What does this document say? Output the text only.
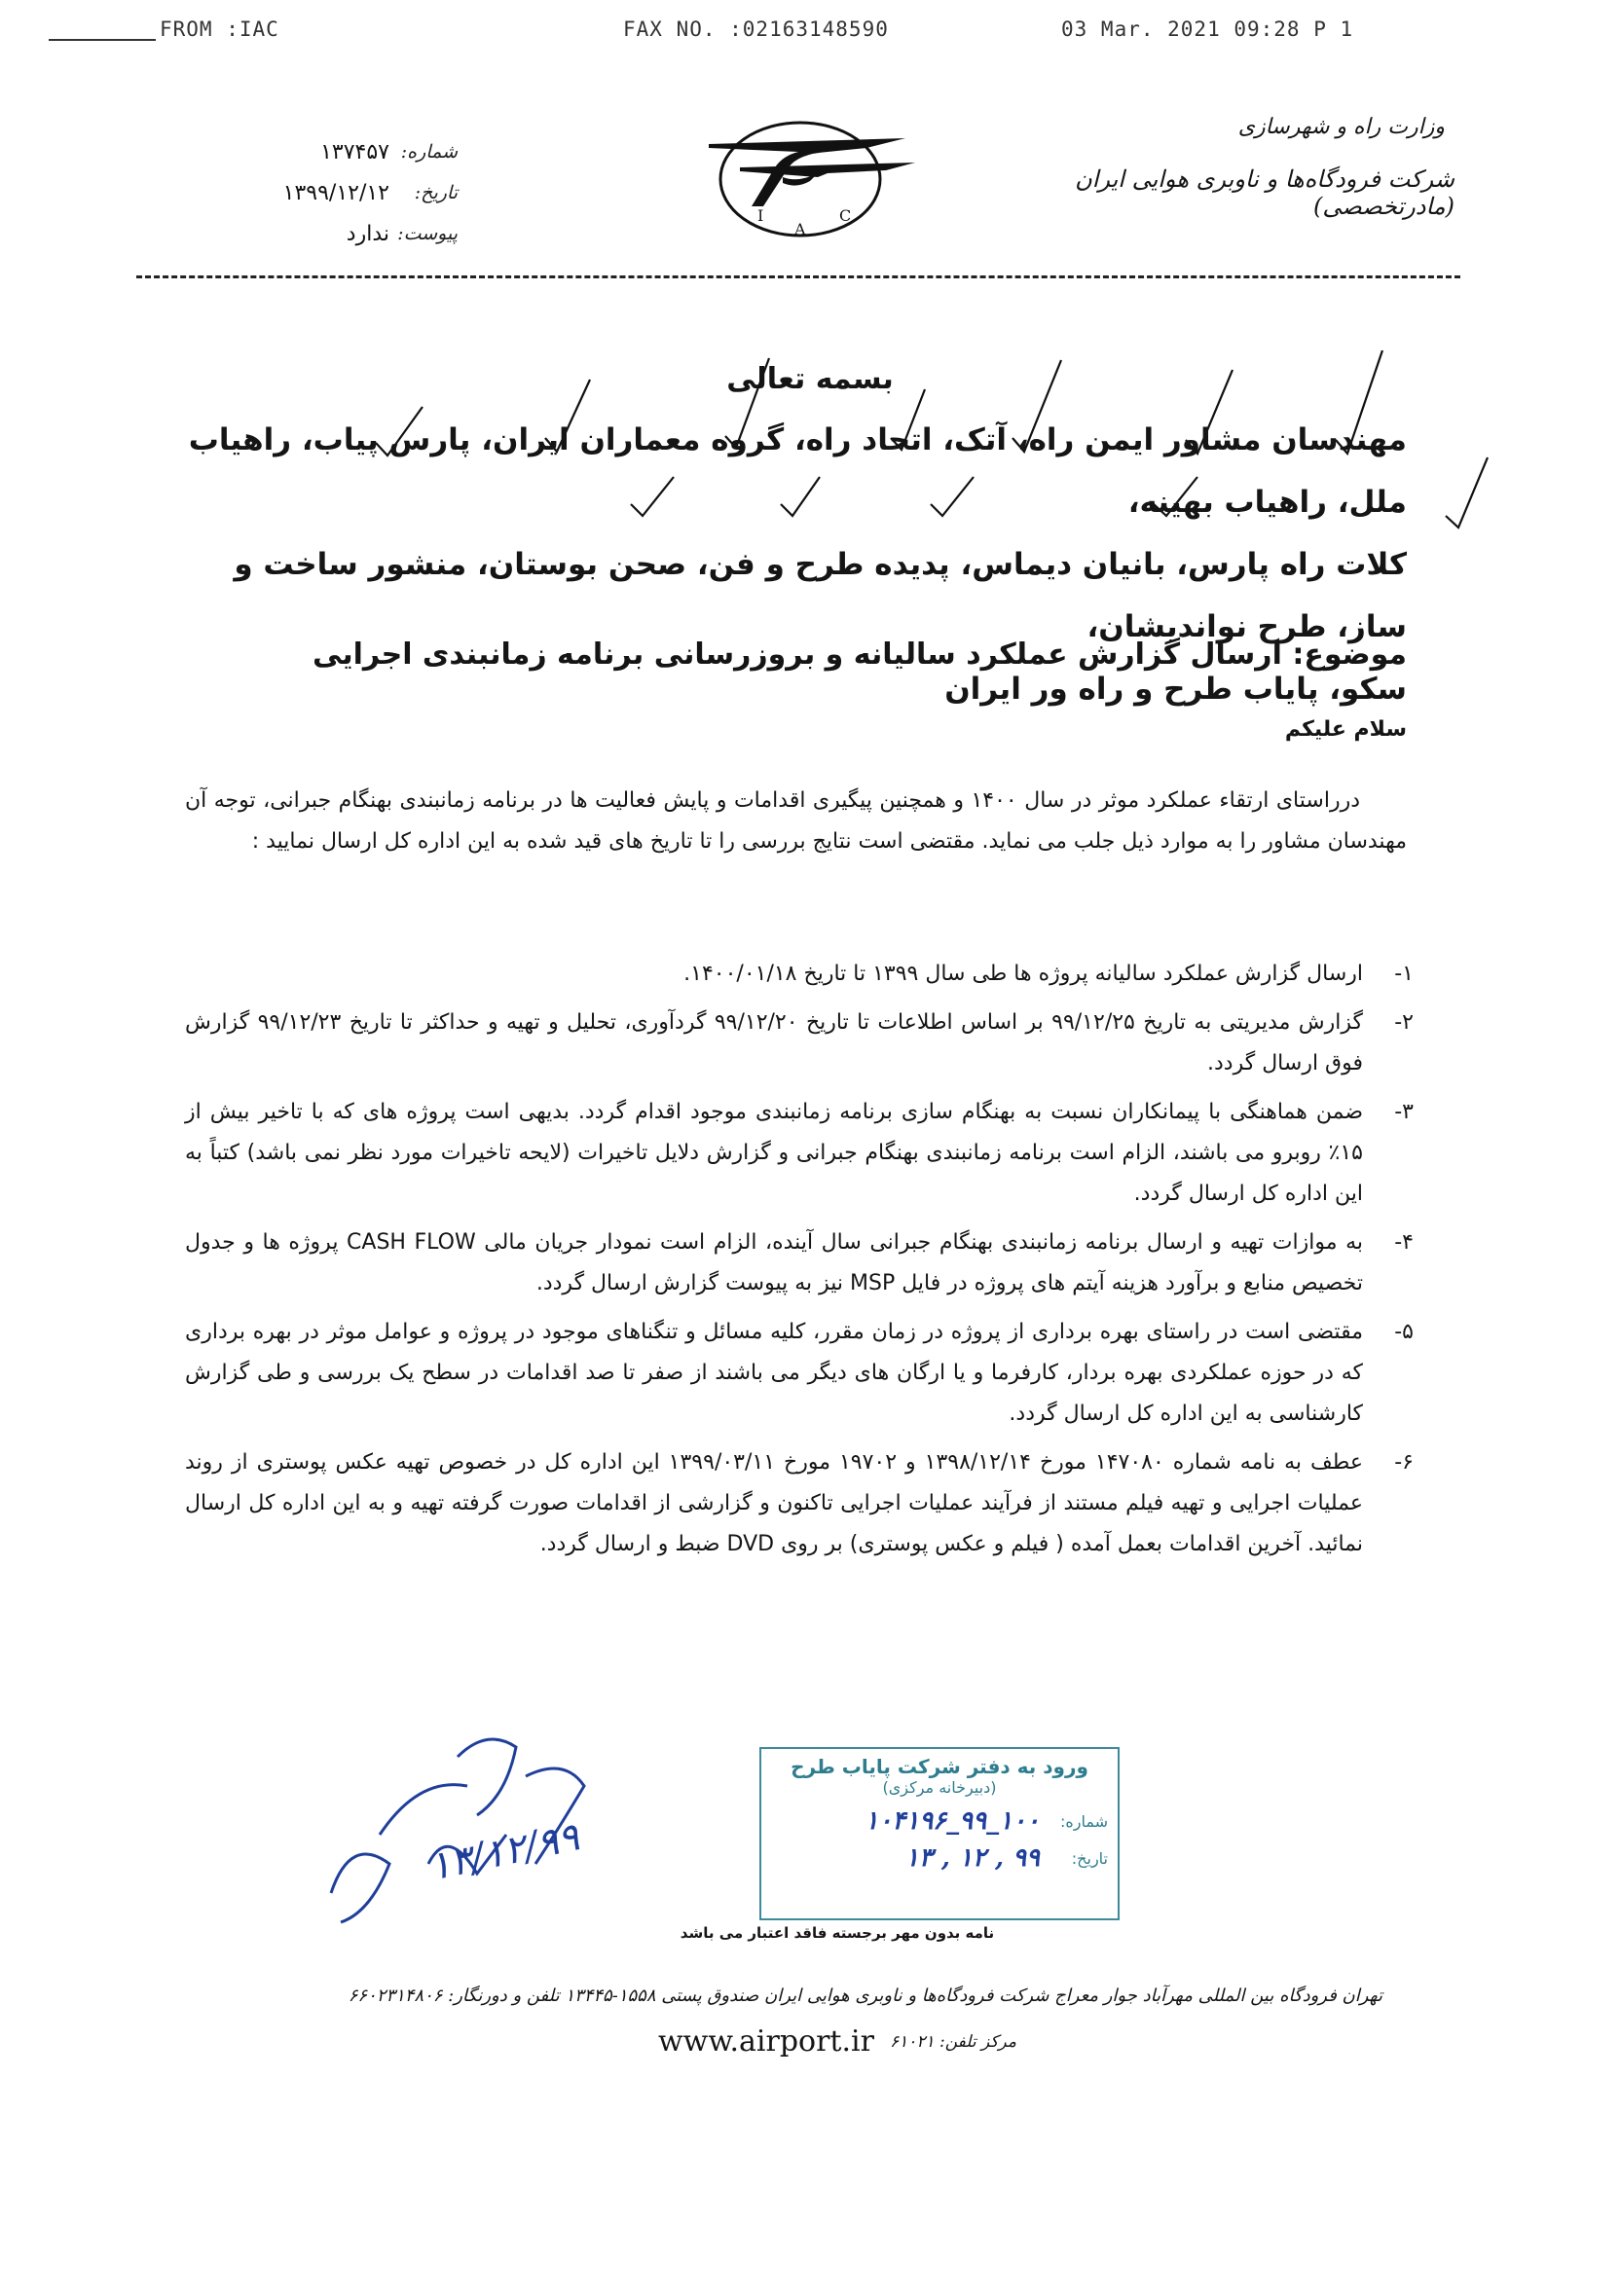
FROM :IAC	FAX NO. :02163148590	03 Mar. 2021 09:28 P 1
وزارت راه و شهرسازی
شرکت فرودگاه‌ها و ناوبری هوایی ایران (مادرتخصصی)
I
A
C
شماره:
۱۳۷۴۵۷
تاریخ:
۱۳۹۹/۱۲/۱۲
پیوست:
ندارد
بسمه تعالی
مهندسان مشاور ایمن راه، آتک، اتحاد راه، گروه معماران ایران، پارس پیاب، راهیاب ملل، راهیاب بهینه،
کلات راه پارس، بانیان دیماس، پدیده طرح و فن، صحن بوستان، منشور ساخت و ساز، طرح نواندیشان،
سکو، پایاب طرح و راه ور ایران
موضوع: ارسال گزارش عملکرد سالیانه و بروزرسانی برنامه زمانبندی اجرایی
سلام علیکم
درراستای ارتقاء عملکرد موثر در سال ۱۴۰۰ و همچنین پیگیری اقدامات و پایش فعالیت ها در برنامه زمانبندی بهنگام جبرانی، توجه آن مهندسان مشاور را به موارد ذیل جلب می نماید. مقتضی است نتایج بررسی را تا تاریخ های قید شده به این اداره کل ارسال نمایید :
۱-
ارسال گزارش عملکرد سالیانه پروژه ها طی سال ۱۳۹۹ تا تاریخ ۱۴۰۰/۰۱/۱۸.
۲-
گزارش مدیریتی به تاریخ ۹۹/۱۲/۲۵ بر اساس اطلاعات تا تاریخ ۹۹/۱۲/۲۰ گردآوری، تحلیل و تهیه و حداکثر تا تاریخ ۹۹/۱۲/۲۳ گزارش فوق ارسال گردد.
۳-
ضمن هماهنگی با پیمانکاران نسبت به بهنگام سازی برنامه زمانبندی موجود اقدام گردد. بدیهی است پروژه های که با تاخیر بیش از ۱۵٪ روبرو می باشند، الزام است برنامه زمانبندی بهنگام جبرانی و گزارش دلایل تاخیرات (لایحه تاخیرات مورد نظر نمی باشد) کتباً به این اداره کل ارسال گردد.
۴-
به موازات تهیه و ارسال برنامه زمانبندی بهنگام جبرانی سال آینده، الزام است نمودار جریان مالی CASH FLOW پروژه ها و جدول تخصیص منابع و برآورد هزینه آیتم های پروژه در فایل MSP نیز به پیوست گزارش ارسال گردد.
۵-
مقتضی است در راستای بهره برداری از پروژه در زمان مقرر، کلیه مسائل و تنگناهای موجود در پروژه و عوامل موثر در بهره برداری که در حوزه عملکردی بهره بردار، کارفرما و یا ارگان های دیگر می باشند از صفر تا صد اقدامات در سطح یک بررسی و طی گزارش کارشناسی به این اداره کل ارسال گردد.
۶-
عطف به نامه شماره ۱۴۷۰۸۰ مورخ ۱۳۹۸/۱۲/۱۴ و ۱۹۷۰۲ مورخ ۱۳۹۹/۰۳/۱۱ این اداره کل در خصوص تهیه عکس پوستری از روند عملیات اجرایی و تهیه فیلم مستند از فرآیند عملیات اجرایی تاکنون و گزارشی از اقدامات صورت گرفته تهیه و به این اداره کل ارسال نمائید. آخرین اقدامات بعمل آمده ( فیلم و عکس پوستری) بر روی DVD ضبط و ارسال گردد.
۱۳/۱۲/۹۹
ورود به دفتر شرکت پایاب طرح
(دبیرخانه مرکزی)
شماره:
۱۰۰_۹۹_۱۰۴۱۹۶
تاریخ:
۹۹ , ۱۲ , ۱۳
نامه بدون مهر برجسته فاقد اعتبار می باشد
تهران فرودگاه بین المللی مهرآباد جوار معراج شرکت فرودگاه‌ها و ناوبری هوایی ایران صندوق پستی ۱۵۵۸-۱۳۴۴۵ تلفن و دورنگار: ۶۶۰۲۳۱۴۸۰۶
مرکز تلفن: ۶۱۰۲۱
www.airport.ir
